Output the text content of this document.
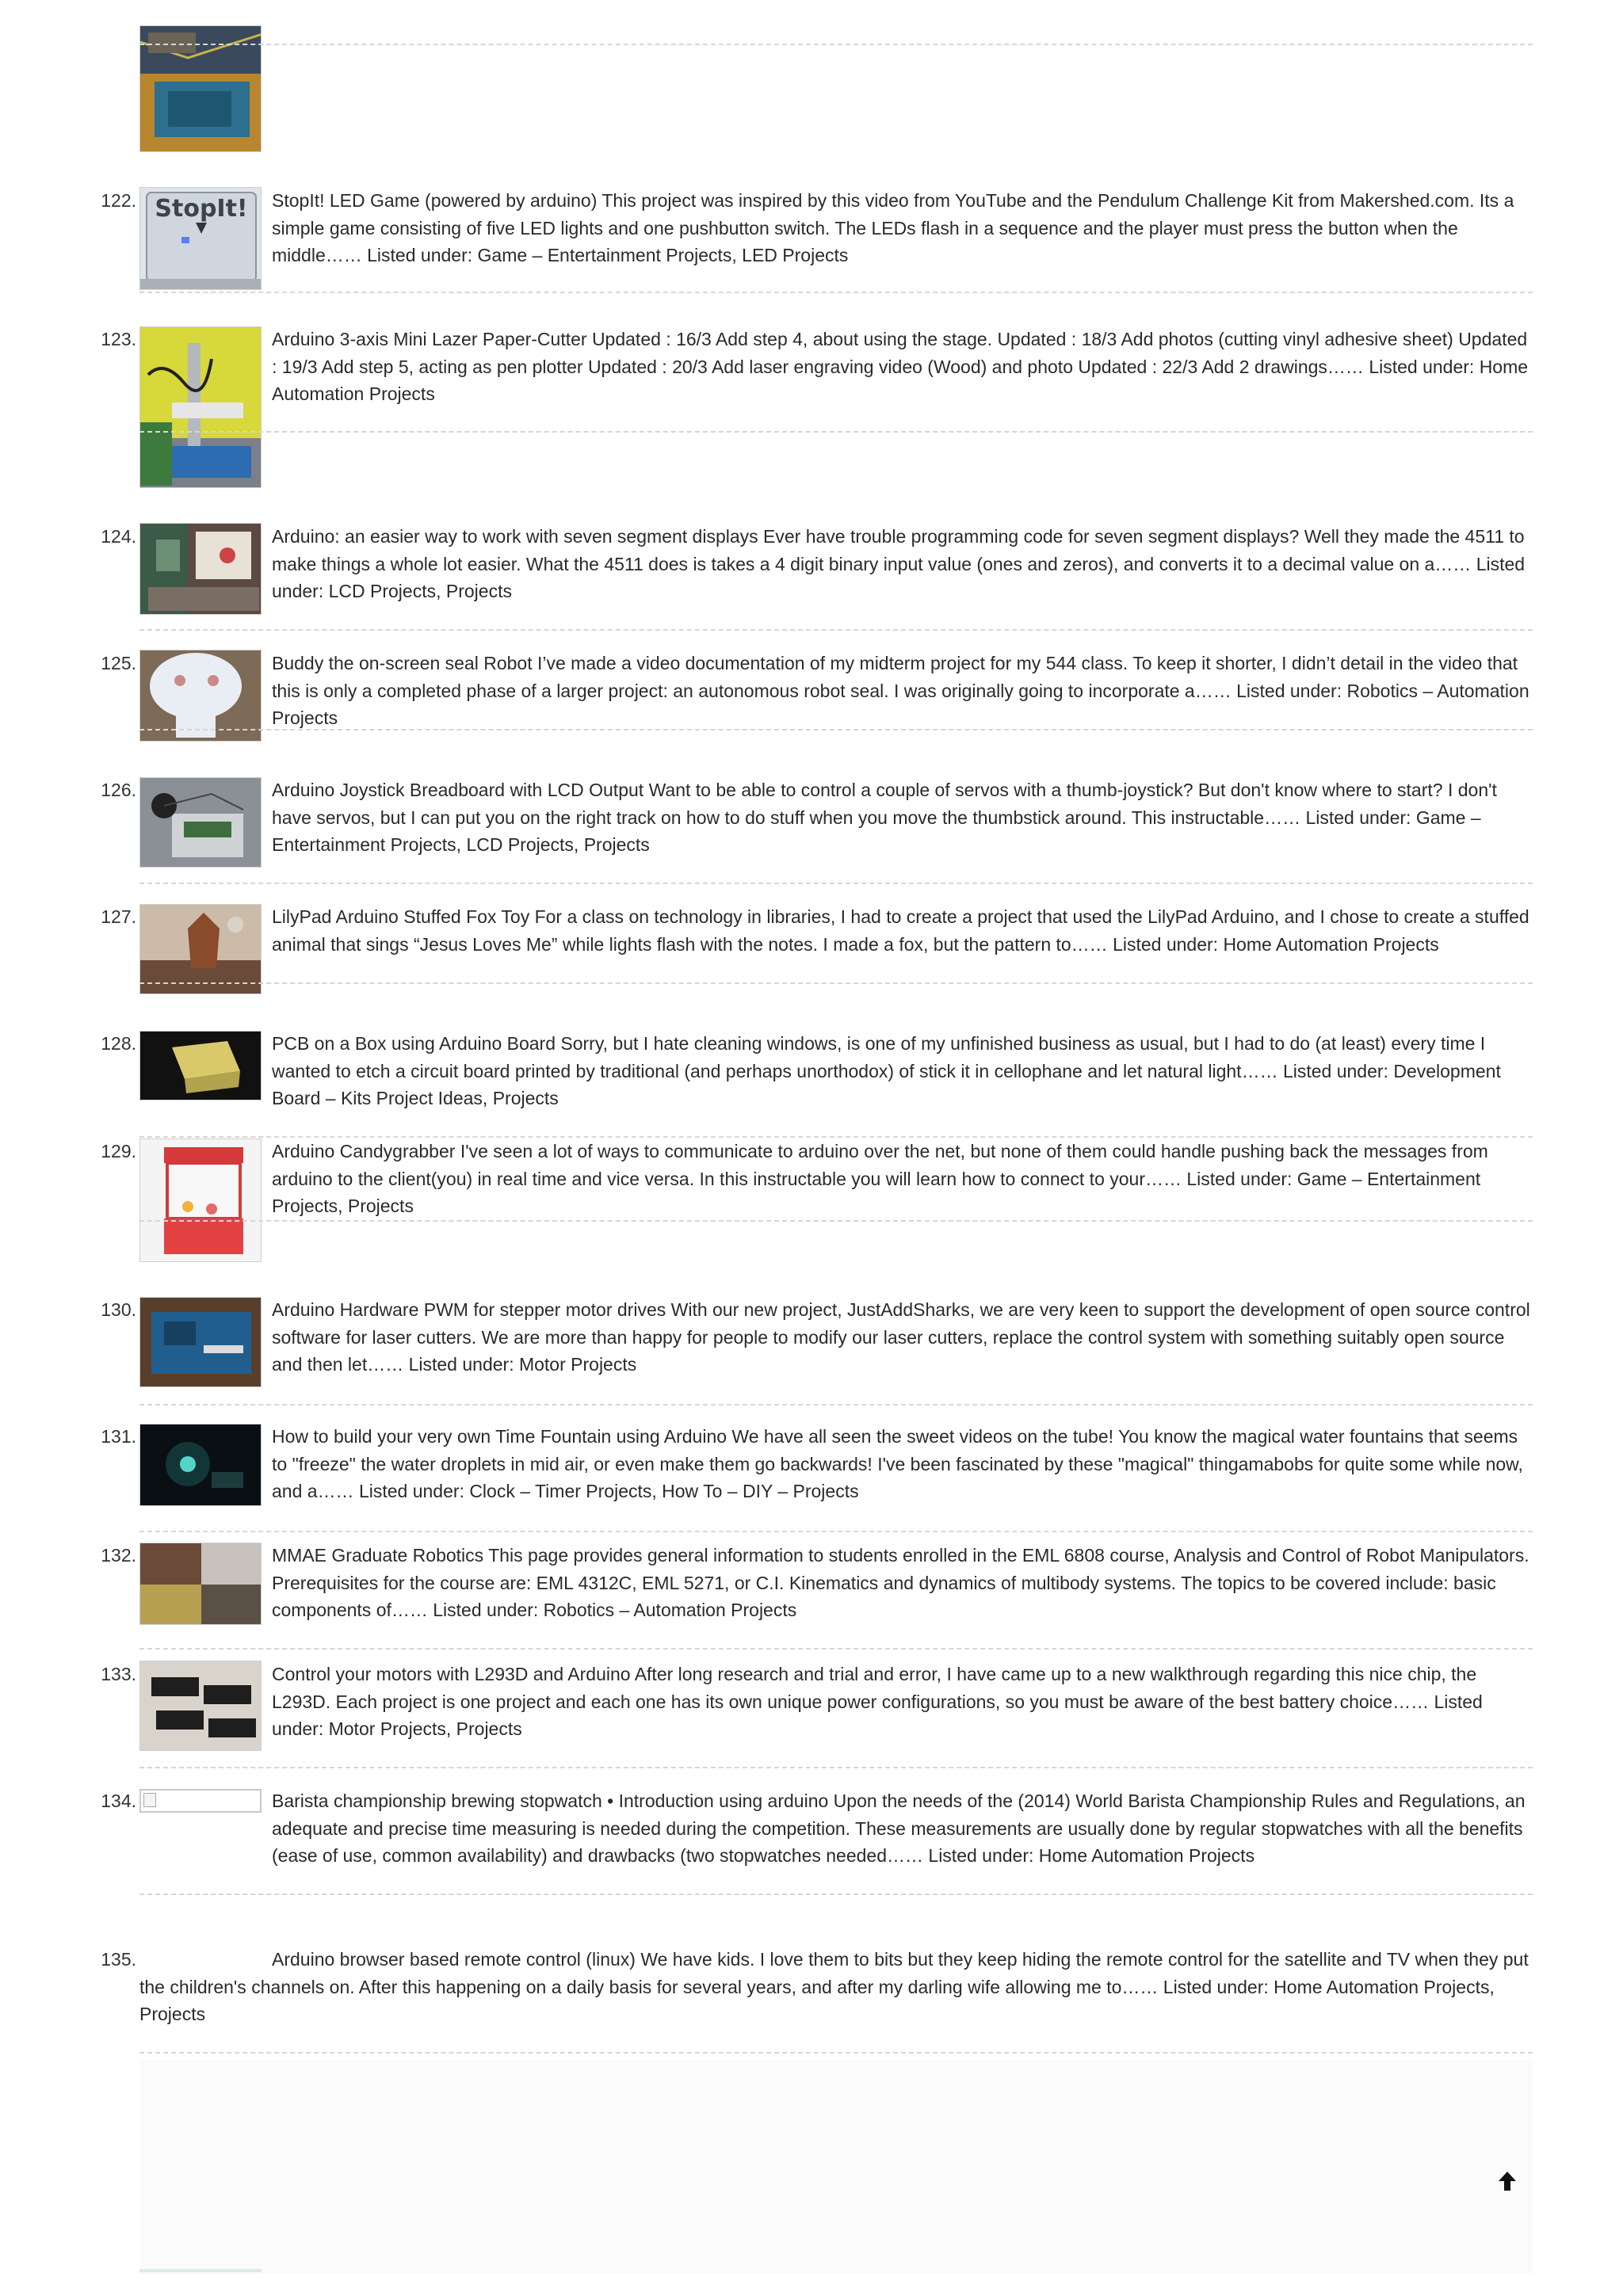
122. StopIt! StopIt! LED Game (powered by arduino) This project was inspired by this video from YouTube and the Pendulum Challenge Kit from Makershed.com. Its a simple game consisting of five LED lights and one pushbutton switch. The LEDs flash in a sequence and the player must press the button when the middle…… Listed under: Game – Entertainment Projects, LED Projects

123.	Arduino 3-axis Mini Lazer Paper-Cutter Updated : 16/3 Add step 4, about using the stage. Updated : 18/3 Add photos (cutting vinyl adhesive sheet) Updated : 19/3 Add step 5, acting as pen plotter Updated : 20/3 Add laser engraving video (Wood) and photo Updated : 22/3 Add 2 drawings…… Listed under: Home Automation Projects

124.	Arduino: an easier way to work with seven segment displays Ever have trouble programming code for seven segment displays? Well they made the 4511 to make things a whole lot easier. What the 4511 does is takes a 4 digit binary input value (ones and zeros), and converts it to a decimal value on a…… Listed under: LCD Projects, Projects

125.	Buddy the on-screen seal Robot I’ve made a video documentation of my midterm project for my 544 class. To keep it shorter, I didn’t detail in the video that this is only a completed phase of a larger project: an autonomous robot seal. I was originally going to incorporate a…… Listed under: Robotics – Automation Projects

126.	Arduino Joystick Breadboard with LCD Output Want to be able to control a couple of servos with a thumb-joystick? But don't know where to start? I don't have servos, but I can put you on the right track on how to do stuff when you move the thumbstick around. This instructable…… Listed under: Game – Entertainment Projects, LCD Projects, Projects

127.	LilyPad Arduino Stuffed Fox Toy For a class on technology in libraries, I had to create a project that used the LilyPad Arduino, and I chose to create a stuffed animal that sings “Jesus Loves Me” while lights flash with the notes. I made a fox, but the pattern to…… Listed under: Home Automation Projects

128.	PCB on a Box using Arduino Board Sorry, but I hate cleaning windows, is one of my unfinished business as usual, but I had to do (at least) every time I wanted to etch a circuit board printed by traditional (and perhaps unorthodox) of stick it in cellophane and let natural light…… Listed under: Development Board – Kits Project Ideas, Projects

129.	Arduino Candygrabber I've seen a lot of ways to communicate to arduino over the net, but none of them could handle pushing back the messages from arduino to the client(you) in real time and vice versa. In this instructable you will learn how to connect to your…… Listed under: Game – Entertainment Projects, Projects

130.	Arduino Hardware PWM for stepper motor drives With our new project, JustAddSharks, we are very keen to support the development of open source control software for laser cutters. We are more than happy for people to modify our laser cutters, replace the control system with something suitably open source and then let…… Listed under: Motor Projects

131.	How to build your very own Time Fountain using Arduino We have all seen the sweet videos on the tube! You know the magical water fountains that seems to "freeze" the water droplets in mid air, or even make them go backwards! I've been fascinated by these "magical" thingamabobs for quite some while now, and a…… Listed under: Clock – Timer Projects, How To – DIY – Projects

132.	MMAE Graduate Robotics This page provides general information to students enrolled in the EML 6808 course, Analysis and Control of Robot Manipulators. Prerequisites for the course are: EML 4312C, EML 5271, or C.I. Kinematics and dynamics of multibody systems. The topics to be covered include: basic components of…… Listed under: Robotics – Automation Projects

133.	Control your motors with L293D and Arduino After long research and trial and error, I have came up to a new walkthrough regarding this nice chip, the L293D. Each project is one project and each one has its own unique power configurations, so you must be aware of the best battery choice…… Listed under: Motor Projects, Projects

134.	Barista championship brewing stopwatch • Introduction using arduino Upon the needs of the (2014) World Barista Championship Rules and Regulations, an adequate and precise time measuring is needed during the competition. These measurements are usually done by regular stopwatches with all the benefits (ease of use, common availability) and drawbacks (two stopwatches needed…… Listed under: Home Automation Projects

135.	Arduino browser based remote control (linux) We have kids. I love them to bits but they keep hiding the remote control for the satellite and TV when they put the children's channels on. After this happening on a daily basis for several years, and after my darling wife allowing me to…… Listed under: Home Automation Projects, Projects
